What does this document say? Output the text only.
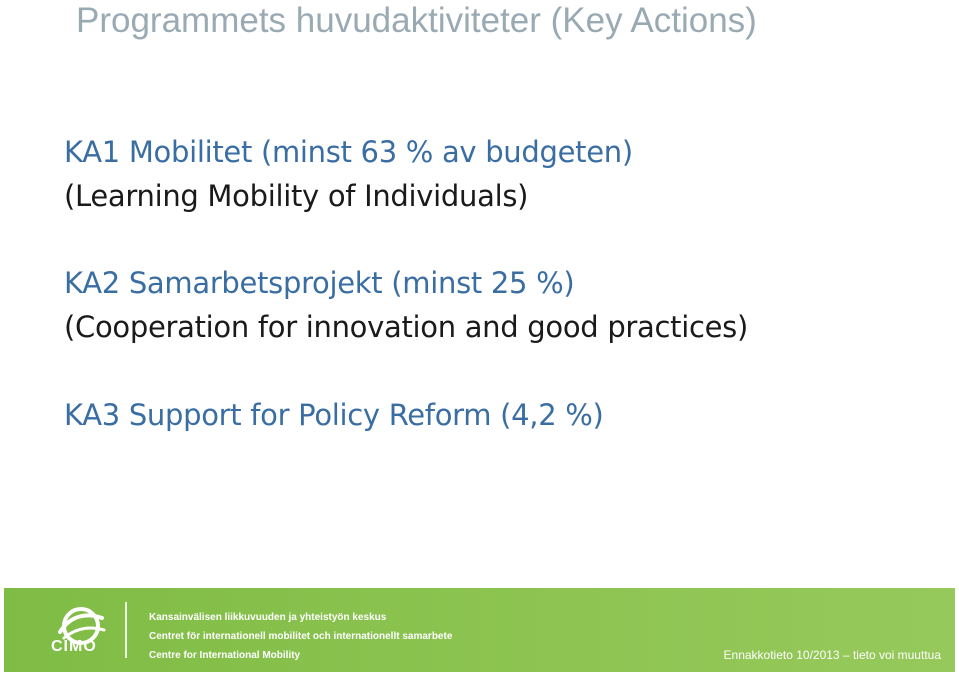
Programmets huvudaktiviteter (Key Actions)
KA1 Mobilitet (minst 63 % av budgeten)
(Learning Mobility of Individuals)
KA2 Samarbetsprojekt (minst 25 %)
(Cooperation for innovation and good practices)
KA3 Support for Policy Reform (4,2 %)
CIMO
Kansainvälisen liikkuvuuden ja yhteistyön keskus
Centret för internationell mobilitet och internationellt samarbete
Centre for International Mobility	Ennakkotieto 10/2013 – tieto voi muuttua
